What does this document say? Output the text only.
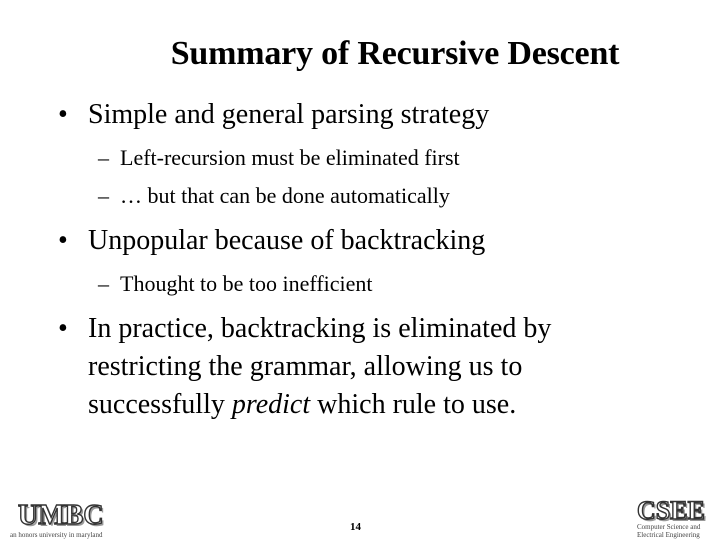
Summary of Recursive Descent
• Simple and general parsing strategy
– Left-recursion must be eliminated first
– … but that can be done automatically
• Unpopular because of backtracking
– Thought to be too inefficient
• In practice, backtracking is eliminated by
restricting the grammar, allowing us to
successfully predict which rule to use.
UMBC
an honors university in maryland
14
CSEE
Computer Science and
Electrical Engineering
